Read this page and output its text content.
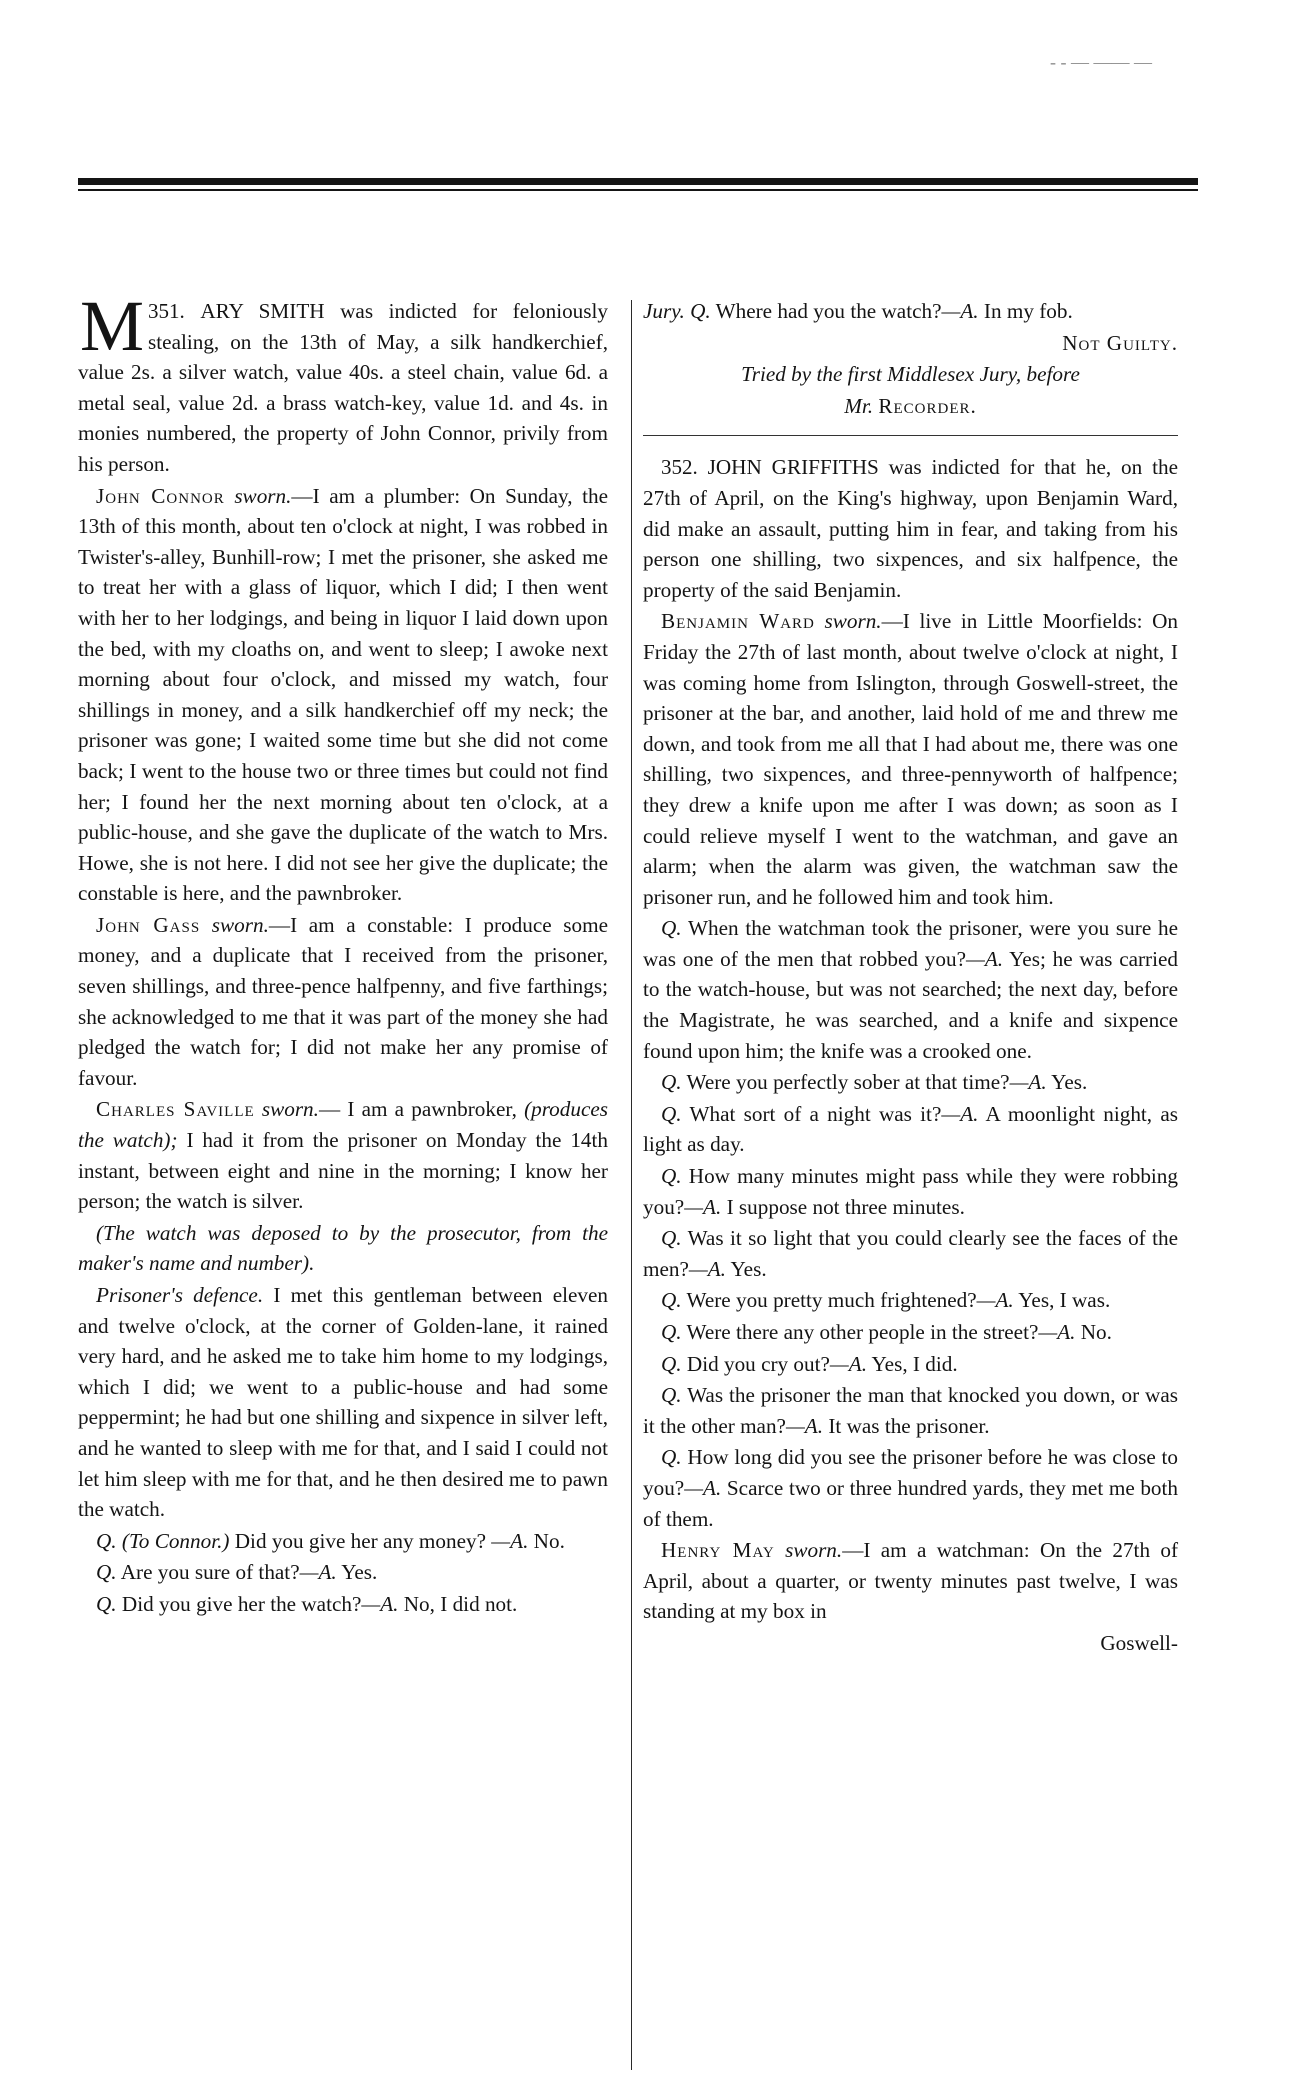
- - — —— —

351.
M	ARY SMITH was indicted for feloniously stealing, on the 13th of May, a silk handkerchief, value 2s. a silver watch, value 40s. a steel chain, value 6d. a metal seal, value 2d. a brass watch-key, value 1d. and 4s. in monies numbered, the property of John Connor, privily from his person.

John Connor sworn.—I am a plumber: On Sunday, the 13th of this month, about ten o'clock at night, I was robbed in Twister's-alley, Bunhill-row; I met the prisoner, she asked me to treat her with a glass of liquor, which I did; I then went with her to her lodgings, and being in liquor I laid down upon the bed, with my cloaths on, and went to sleep; I awoke next morning about four o'clock, and missed my watch, four shillings in money, and a silk handkerchief off my neck; the prisoner was gone; I waited some time but she did not come back; I went to the house two or three times but could not find her; I found her the next morning about ten o'clock, at a public-house, and she gave the duplicate of the watch to Mrs. Howe, she is not here. I did not see her give the duplicate; the constable is here, and the pawnbroker.

John Gass sworn.—I am a constable: I produce some money, and a duplicate that I received from the prisoner, seven shillings, and three-pence halfpenny, and five farthings; she acknowledged to me that it was part of the money she had pledged the watch for; I did not make her any promise of favour.

Charles Saville sworn.— I am a pawnbroker, (produces the watch); I had it from the prisoner on Monday the 14th instant, between eight and nine in the morning; I know her person; the watch is silver.

(The watch was deposed to by the prosecutor, from the maker's name and number).

Prisoner's defence. I met this gentleman between eleven and twelve o'clock, at the corner of Golden-lane, it rained very hard, and he asked me to take him home to my lodgings, which I did; we went to a public-house and had some peppermint; he had but one shilling and sixpence in silver left, and he wanted to sleep with me for that, and I said I could not let him sleep with me for that, and he then desired me to pawn the watch.

Q. (To Connor.) Did you give her any money? —A. No.

Q. Are you sure of that?—A. Yes.

Q. Did you give her the watch?—A. No, I did not.

Jury. Q. Where had you the watch?—A. In my fob.

Not Guilty.

Tried by the first Middlesex Jury, before

Mr. Recorder.

352. JOHN GRIFFITHS was indicted for that he, on the 27th of April, on the King's highway, upon Benjamin Ward, did make an assault, putting him in fear, and taking from his person one shilling, two sixpences, and six halfpence, the property of the said Benjamin.

Benjamin Ward sworn.—I live in Little Moorfields: On Friday the 27th of last month, about twelve o'clock at night, I was coming home from Islington, through Goswell-street, the prisoner at the bar, and another, laid hold of me and threw me down, and took from me all that I had about me, there was one shilling, two sixpences, and three-pennyworth of halfpence; they drew a knife upon me after I was down; as soon as I could relieve myself I went to the watchman, and gave an alarm; when the alarm was given, the watchman saw the prisoner run, and he followed him and took him.

Q. When the watchman took the prisoner, were you sure he was one of the men that robbed you?—A. Yes; he was carried to the watch-house, but was not searched; the next day, before the Magistrate, he was searched, and a knife and sixpence found upon him; the knife was a crooked one.

Q. Were you perfectly sober at that time?—A. Yes.

Q. What sort of a night was it?—A. A moonlight night, as light as day.

Q. How many minutes might pass while they were robbing you?—A. I suppose not three minutes.

Q. Was it so light that you could clearly see the faces of the men?—A. Yes.

Q. Were you pretty much frightened?—A. Yes, I was.

Q. Were there any other people in the street?—A. No.

Q. Did you cry out?—A. Yes, I did.

Q. Was the prisoner the man that knocked you down, or was it the other man?—A. It was the prisoner.

Q. How long did you see the prisoner before he was close to you?—A. Scarce two or three hundred yards, they met me both of them.

Henry May sworn.—I am a watchman: On the 27th of April, about a quarter, or twenty minutes past twelve, I was standing at my box in

Goswell-
